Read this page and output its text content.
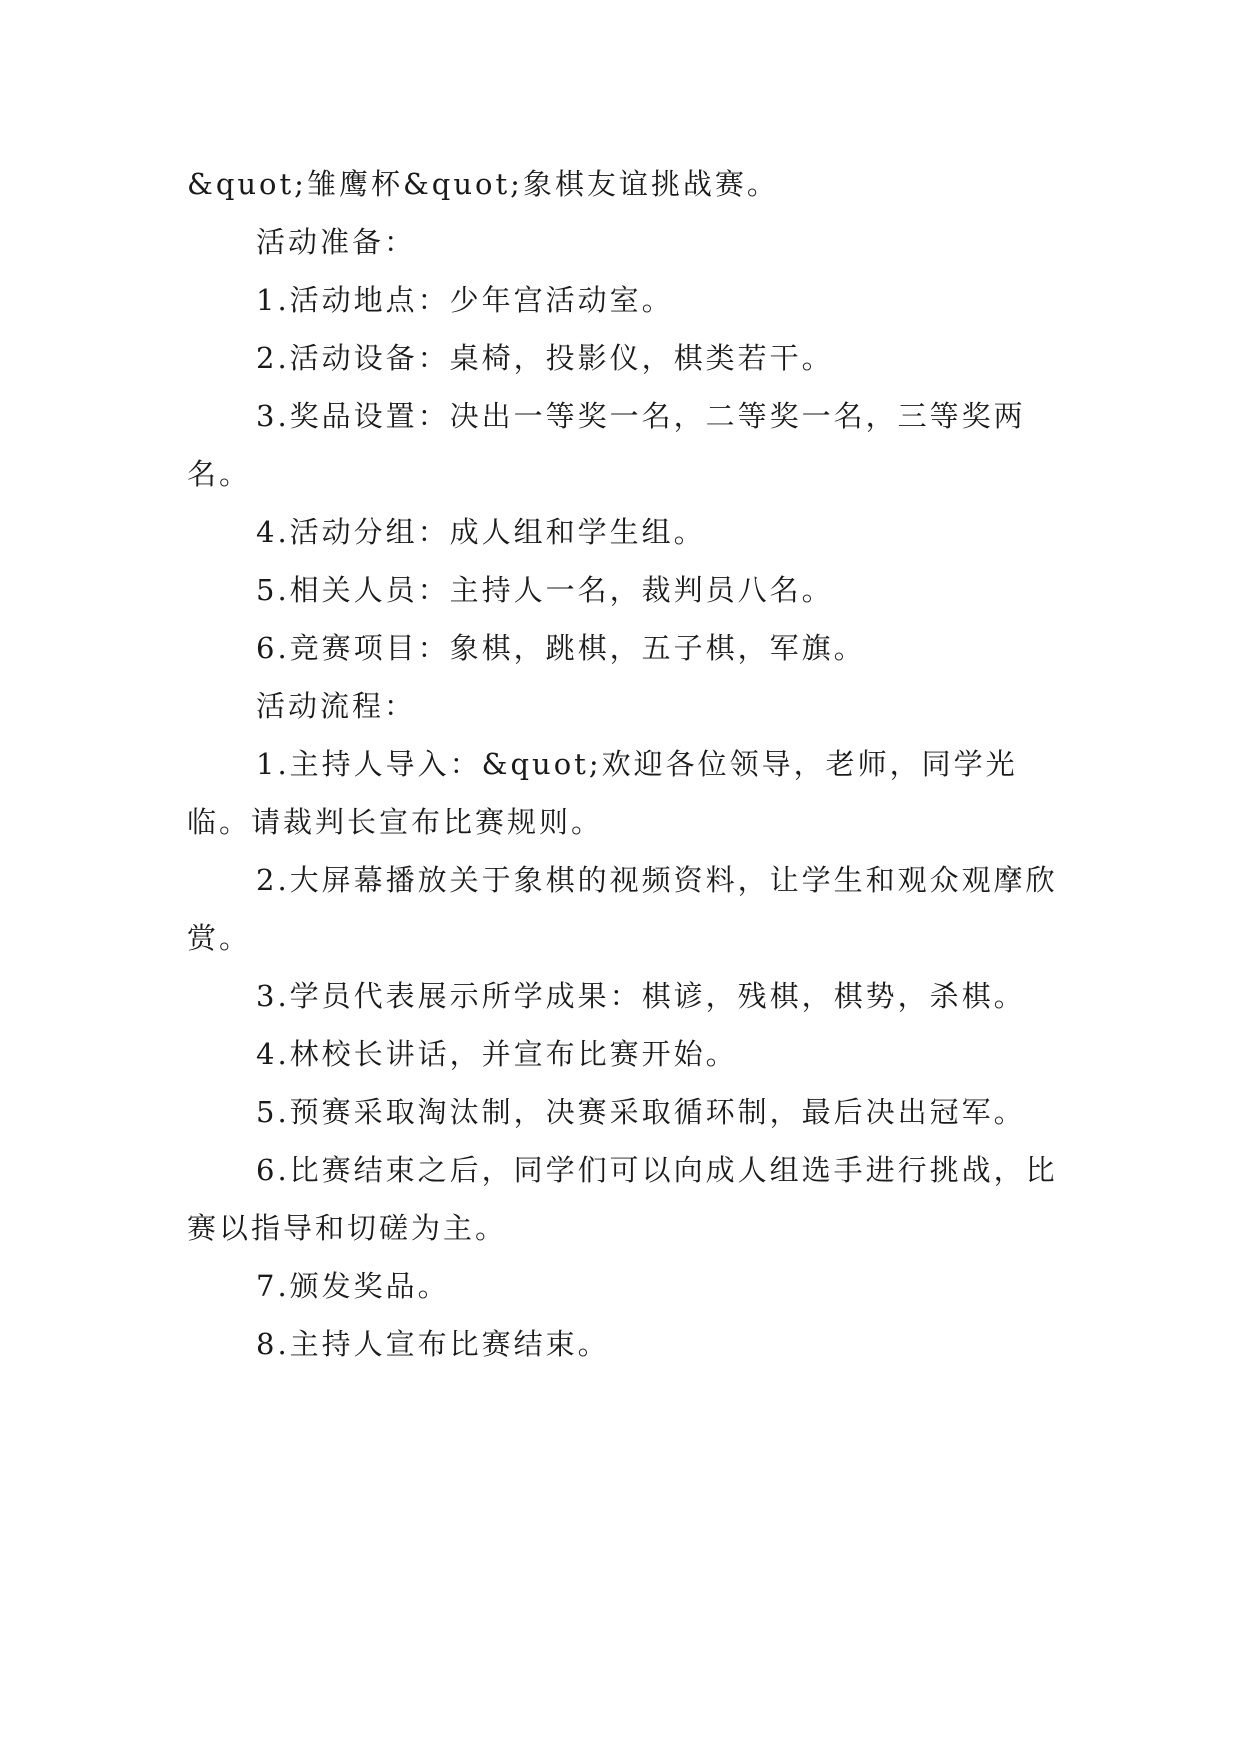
&quot;雏鹰杯&quot;象棋友谊挑战赛。

活动准备：

1.活动地点：少年宫活动室。

2.活动设备：桌椅，投影仪，棋类若干。

3.奖品设置：决出一等奖一名，二等奖一名，三等奖两名。

4.活动分组：成人组和学生组。

5.相关人员：主持人一名，裁判员八名。

6.竞赛项目：象棋，跳棋，五子棋，军旗。

活动流程：

1.主持人导入：&quot;欢迎各位领导，老师，同学光临。请裁判长宣布比赛规则。

2.大屏幕播放关于象棋的视频资料，让学生和观众观摩欣赏。

3.学员代表展示所学成果：棋谚，残棋，棋势，杀棋。

4.林校长讲话，并宣布比赛开始。

5.预赛采取淘汰制，决赛采取循环制，最后决出冠军。

6.比赛结束之后，同学们可以向成人组选手进行挑战，比赛以指导和切磋为主。

7.颁发奖品。

8.主持人宣布比赛结束。
